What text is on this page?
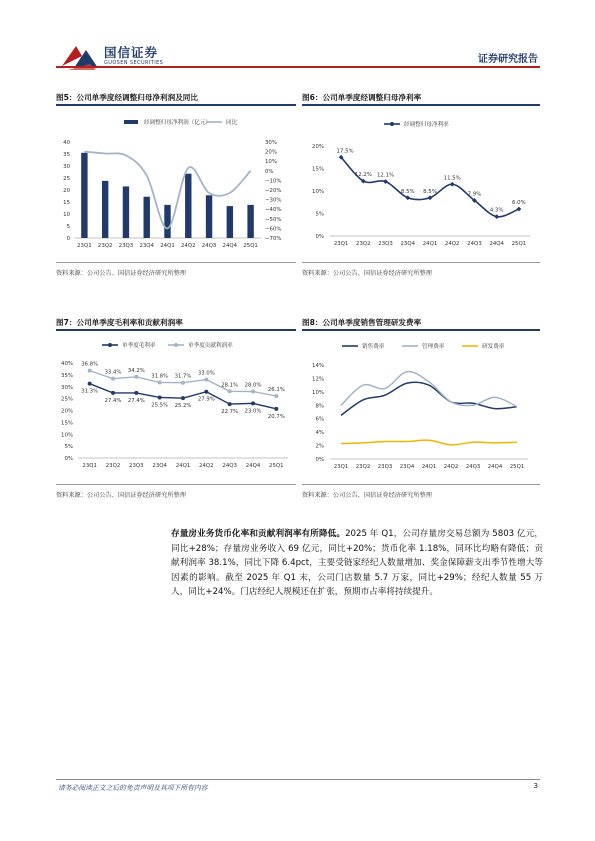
国信证券
GUOSEN SECURITIES	证券研究报告
图5：公司单季度经调整归母净利润及同比
0
5
10
15
20
25
30
35
40
−70%
−60%
−50%
−40%
−30%
−20%
−10%
0%
10%
20%
30%
23Q1 23Q2 23Q3 23Q4 24Q1 24Q2 24Q3 24Q4 25Q1
经调整归母净利润（亿元）	同比
资料来源：公司公告、国信证券经济研究所整理
图6：公司单季度经调整归母净利率
0%
5%
10%
15%
20%
17.5%
12.2% 12.1%
8.5% 8.5%
11.5%
7.9%
4.3%
6.0%
23Q1 23Q2 23Q3 23Q4 24Q1 24Q2 24Q3 24Q4 25Q1
经调整归母净利率
资料来源：公司公告、国信证券经济研究所整理
图7：公司单季度毛利率和贡献利润率
0%
5%
10%
15%
20%
25%
30%
35%
40%
31.3%
27.4% 27.4%
25.5% 25.2%
27.9%
22.7% 23.0%
20.7%
36.8%
33.4% 34.2%
31.8% 31.7%
33.0%
28.1% 28.0%
26.1%
23Q1 23Q2 23Q3 23Q4 24Q1 24Q2 24Q3 24Q4 25Q1
单季度毛利率	单季度贡献利润率
资料来源：公司公告、国信证券经济研究所整理
图8：公司单季度销售管理研发费率
0%
2%
4%
6%
8%
10%
12%
14%
23Q1 23Q2 23Q3 23Q4 24Q1 24Q2 24Q3 24Q4 25Q1
销售费率	管理费率	研发费率
资料来源：公司公告、国信证券经济研究所整理
存量房业务货币化率和贡献利润率有所降低。2025 年 Q1，公司存量房交易总额为 5803 亿元，同比+28%；存量房业务收入 69 亿元，同比+20%；货币化率 1.18%，同环比均略有降低；贡献利润率 38.1%，同比下降 6.4pct，主要受链家经纪人数量增加、奖金保障薪支出季节性增大等因素的影响。截至 2025 年 Q1 末，公司门店数量 5.7 万家，同比+29%；经纪人数量 55 万人，同比+24%。门店经纪人规模还在扩张，预期市占率将持续提升。
请务必阅读正文之后的免责声明及其项下所有内容	3
